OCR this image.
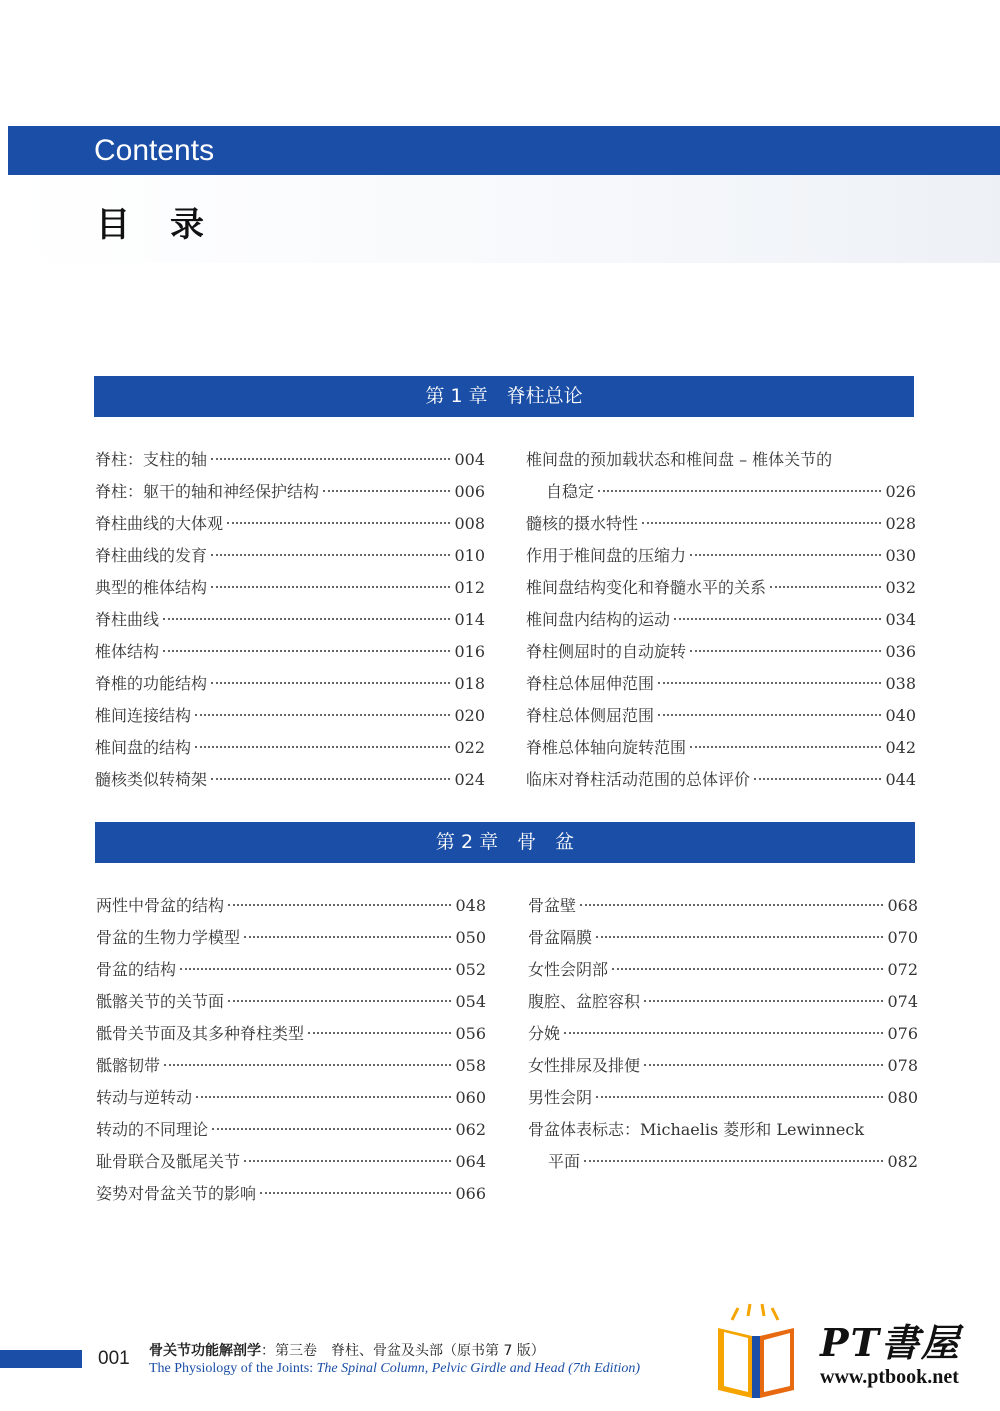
Contents
目录
第 1 章　脊柱总论
脊柱：支柱的轴	004
脊柱：躯干的轴和神经保护结构	006
脊柱曲线的大体观	008
脊柱曲线的发育	010
典型的椎体结构	012
脊柱曲线	014
椎体结构	016
脊椎的功能结构	018
椎间连接结构	020
椎间盘的结构	022
髓核类似转椅架	024
椎间盘的预加载状态和椎间盘 – 椎体关节的
自稳定	026
髓核的摄水特性	028
作用于椎间盘的压缩力	030
椎间盘结构变化和脊髓水平的关系	032
椎间盘内结构的运动	034
脊柱侧屈时的自动旋转	036
脊柱总体屈伸范围	038
脊柱总体侧屈范围	040
脊椎总体轴向旋转范围	042
临床对脊柱活动范围的总体评价	044
第 2 章　骨　盆
两性中骨盆的结构	048
骨盆的生物力学模型	050
骨盆的结构	052
骶髂关节的关节面	054
骶骨关节面及其多种脊柱类型	056
骶髂韧带	058
转动与逆转动	060
转动的不同理论	062
耻骨联合及骶尾关节	064
姿势对骨盆关节的影响	066
骨盆壁	068
骨盆隔膜	070
女性会阴部	072
腹腔、盆腔容积	074
分娩	076
女性排尿及排便	078
男性会阴	080
骨盆体表标志：Michaelis 菱形和 Lewinneck
平面	082
001 骨关节功能解剖学：第三卷　脊柱、骨盆及头部（原书第 7 版）
The Physiology of the Joints: The Spinal Column, Pelvic Girdle and Head (7th Edition)
PT書屋
www.ptbook.net
